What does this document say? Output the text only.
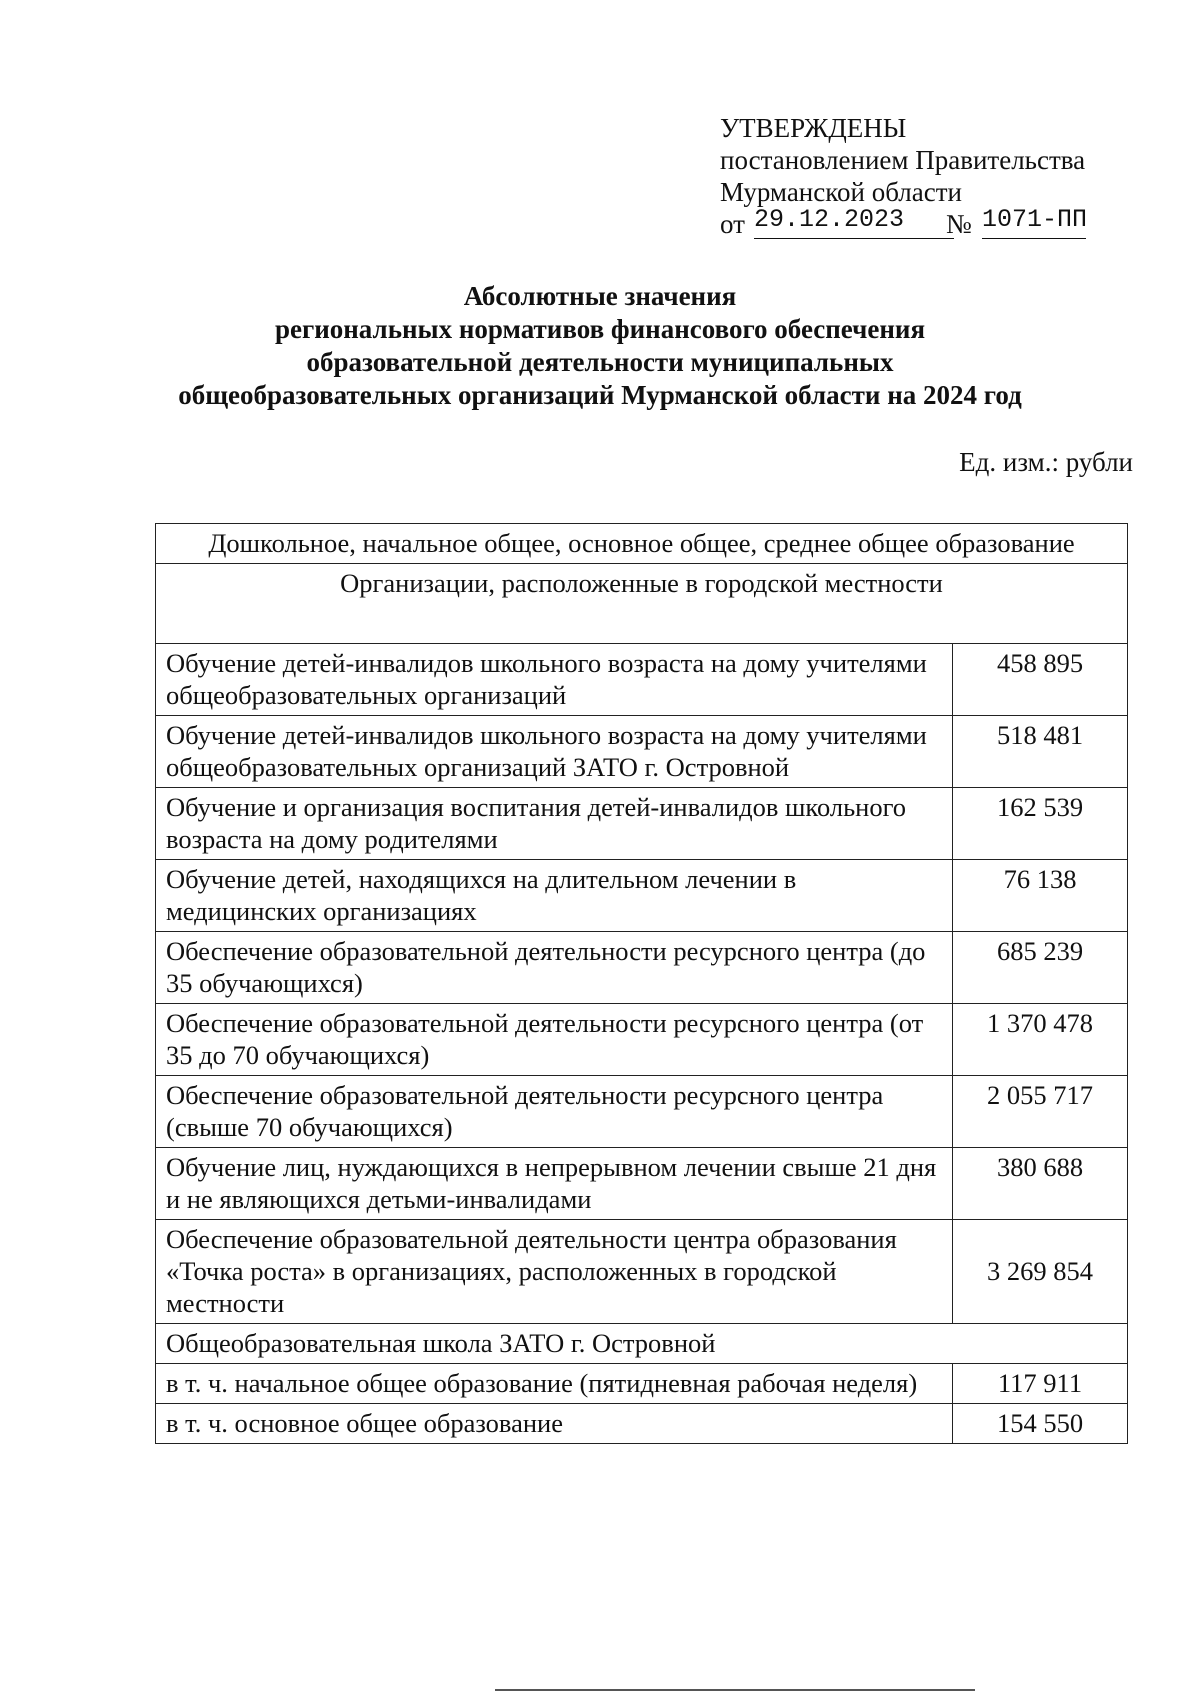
УТВЕРЖДЕНЫ
постановлением Правительства
Мурманской области
от 29.12.2023	№ 1071-ПП
Абсолютные значения
региональных нормативов финансового обеспечения
образовательной деятельности муниципальных
общеобразовательных организаций Мурманской области на 2024 год
Ед. изм.: рубли
Дошкольное, начальное общее, основное общее, среднее общее образование	
Организации, расположенные в городской местности	
Обучение детей-инвалидов школьного возраста на дому учителями общеобразовательных организаций	458 895
Обучение детей-инвалидов школьного возраста на дому учителями общеобразовательных организаций ЗАТО г. Островной	518 481
Обучение и организация воспитания детей-инвалидов школьного возраста на дому родителями	162 539
Обучение детей, находящихся на длительном лечении в медицинских организациях	76 138
Обеспечение образовательной деятельности ресурсного центра (до 35 обучающихся)	685 239
Обеспечение образовательной деятельности ресурсного центра (от 35 до 70 обучающихся)	1 370 478
Обеспечение образовательной деятельности ресурсного центра (свыше 70 обучающихся)	2 055 717
Обучение лиц, нуждающихся в непрерывном лечении свыше 21 дня и не являющихся детьми-инвалидами	380 688
Обеспечение образовательной деятельности центра образования «Точка роста» в организациях, расположенных в городской местности	3 269 854
Общеобразовательная школа ЗАТО г. Островной	
в т. ч. начальное общее образование (пятидневная рабочая неделя)	117 911
в т. ч. основное общее образование	154 550
